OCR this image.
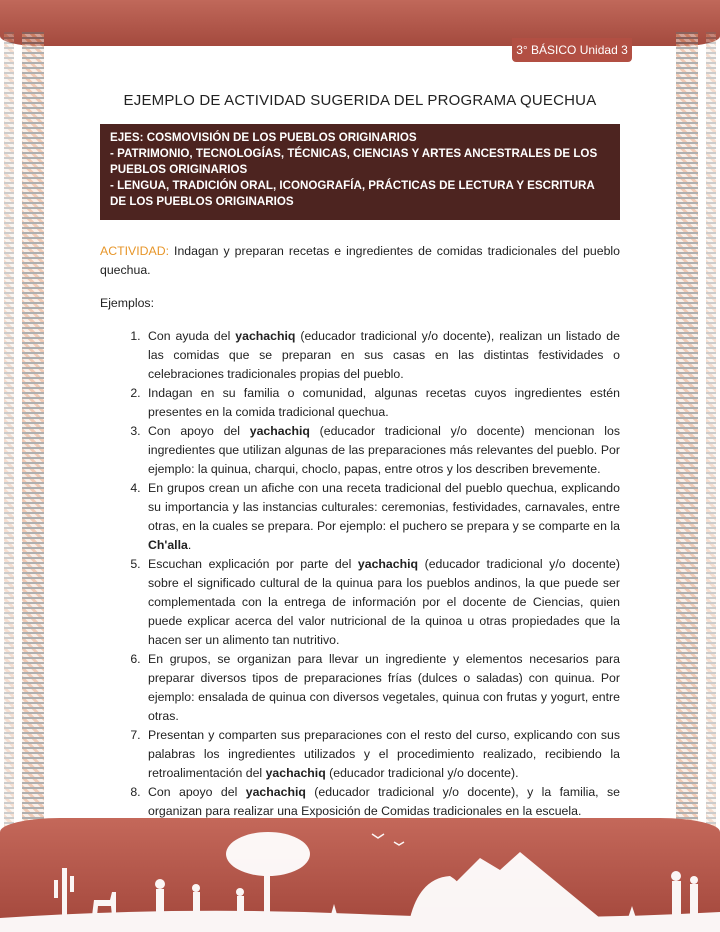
3° BÁSICO Unidad 3
EJEMPLO DE ACTIVIDAD SUGERIDA DEL PROGRAMA QUECHUA
EJES: COSMOVISIÓN DE LOS PUEBLOS ORIGINARIOS
- PATRIMONIO, TECNOLOGÍAS, TÉCNICAS, CIENCIAS Y ARTES ANCESTRALES DE LOS PUEBLOS ORIGINARIOS
- LENGUA, TRADICIÓN ORAL, ICONOGRAFÍA, PRÁCTICAS DE LECTURA Y ESCRITURA DE LOS PUEBLOS ORIGINARIOS
ACTIVIDAD: Indagan y preparan recetas e ingredientes de comidas tradicionales del pueblo quechua.
Ejemplos:
1. Con ayuda del yachachiq (educador tradicional y/o docente), realizan un listado de las comidas que se preparan en sus casas en las distintas festividades o celebraciones tradicionales propias del pueblo.
2. Indagan en su familia o comunidad, algunas recetas cuyos ingredientes estén presentes en la comida tradicional quechua.
3. Con apoyo del yachachiq (educador tradicional y/o docente) mencionan los ingredientes que utilizan algunas de las preparaciones más relevantes del pueblo. Por ejemplo: la quinua, charqui, choclo, papas, entre otros y los describen brevemente.
4. En grupos crean un afiche con una receta tradicional del pueblo quechua, explicando su importancia y las instancias culturales: ceremonias, festividades, carnavales, entre otras, en la cuales se prepara. Por ejemplo: el puchero se prepara y se comparte en la Ch'alla.
5. Escuchan explicación por parte del yachachiq (educador tradicional y/o docente) sobre el significado cultural de la quinua para los pueblos andinos, la que puede ser complementada con la entrega de información por el docente de Ciencias, quien puede explicar acerca del valor nutricional de la quinoa u otras propiedades que la hacen ser un alimento tan nutritivo.
6. En grupos, se organizan para llevar un ingrediente y elementos necesarios para preparar diversos tipos de preparaciones frías (dulces o saladas) con quinua. Por ejemplo: ensalada de quinua con diversos vegetales, quinua con frutas y yogurt, entre otras.
7. Presentan y comparten sus preparaciones con el resto del curso, explicando con sus palabras los ingredientes utilizados y el procedimiento realizado, recibiendo la retroalimentación del yachachiq (educador tradicional y/o docente).
8. Con apoyo del yachachiq (educador tradicional y/o docente), y la familia, se organizan para realizar una Exposición de Comidas tradicionales en la escuela.
